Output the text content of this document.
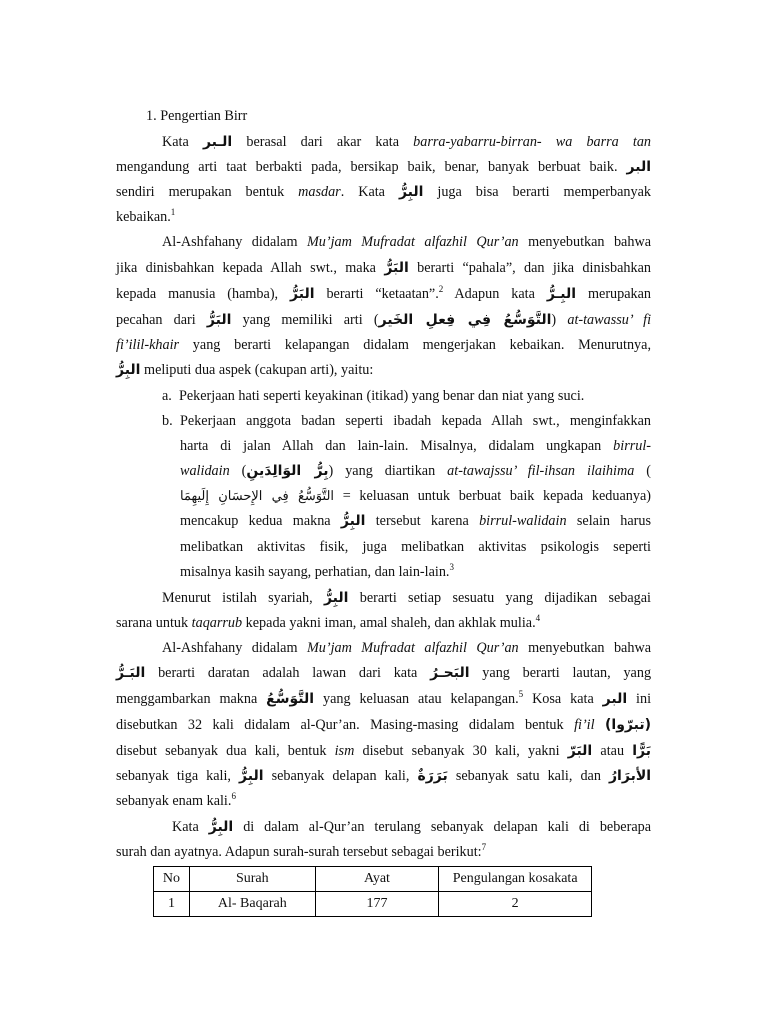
1. Pengertian Birr
Kata الـبر berasal dari akar kata barra-yabarru-birran- wa barra tan
mengandung arti taat berbakti pada, bersikap baik, benar, banyak berbuat baik. البر
sendiri merupakan bentuk masdar. Kata البِرُّ juga bisa berarti memperbanyak
kebaikan.$^1$
Al-Ashfahany didalam Mu’jam Mufradat alfazhil Qur’an menyebutkan bahwa
jika dinisbahkan kepada Allah swt., maka البَرُّ berarti “pahala”, dan jika dinisbahkan
kepada manusia (hamba), البَرُّ berarti “ketaatan”.$^2$ Adapun kata البِـرُّ merupakan
pecahan dari البَرُّ yang memiliki arti (التَّوَسُّعُ فِي فِعلِ الخَير) at-tawassu’ fi
fi’ilil-khair yang berarti kelapangan didalam mengerjakan kebaikan. Menurutnya,
البِرُّ meliputi dua aspek (cakupan arti), yaitu:
a. Pekerjaan hati seperti keyakinan (itikad) yang benar dan niat yang suci.
b. Pekerjaan anggota badan seperti ibadah kepada Allah swt., menginfakkan
harta di jalan Allah dan lain-lain. Misalnya, didalam ungkapan birrul-
walidain (بِرُّ الوَالِدَينِ) yang diartikan at-tawajssu’ fil-ihsan ilaihima (
التَّوَسُّعُ فِي الإِحسَانِ إِلَيهِمَا = keluasan untuk berbuat baik kepada keduanya)
mencakup kedua makna البِرُّ tersebut karena birrul-walidain selain harus
melibatkan aktivitas fisik, juga melibatkan aktivitas psikologis seperti
misalnya kasih sayang, perhatian, dan lain-lain.$^3$
Menurut istilah syariah, البِرُّ berarti setiap sesuatu yang dijadikan sebagai
sarana untuk taqarrub kepada yakni iman, amal shaleh, dan akhlak mulia.$^4$
Al-Ashfahany didalam Mu’jam Mufradat alfazhil Qur’an menyebutkan bahwa
البَـرُّ berarti daratan adalah lawan dari kata البَحـرُ yang berarti lautan, yang
menggambarkan makna التَّوَسُّعُ yang keluasan atau kelapangan.$^5$ Kosa kata البر ini
disebutkan 32 kali didalam al-Qur’an. Masing-masing didalam bentuk fi’il (تبرّوا)
disebut sebanyak dua kali, bentuk ism disebut sebanyak 30 kali, yakni البَرّ atau بَرًّا
sebanyak tiga kali, البِرُّ sebanyak delapan kali, بَرَرَةٌ sebanyak satu kali, dan الأبرَارُ
sebanyak enam kali.$^6$
Kata البِرُّ di dalam al-Qur’an terulang sebanyak delapan kali di beberapa
surah dan ayatnya. Adapun surah-surah tersebut sebagai berikut:$^7$
No	Surah	Ayat	Pengulangan kosakata
1	Al- Baqarah	177	2
